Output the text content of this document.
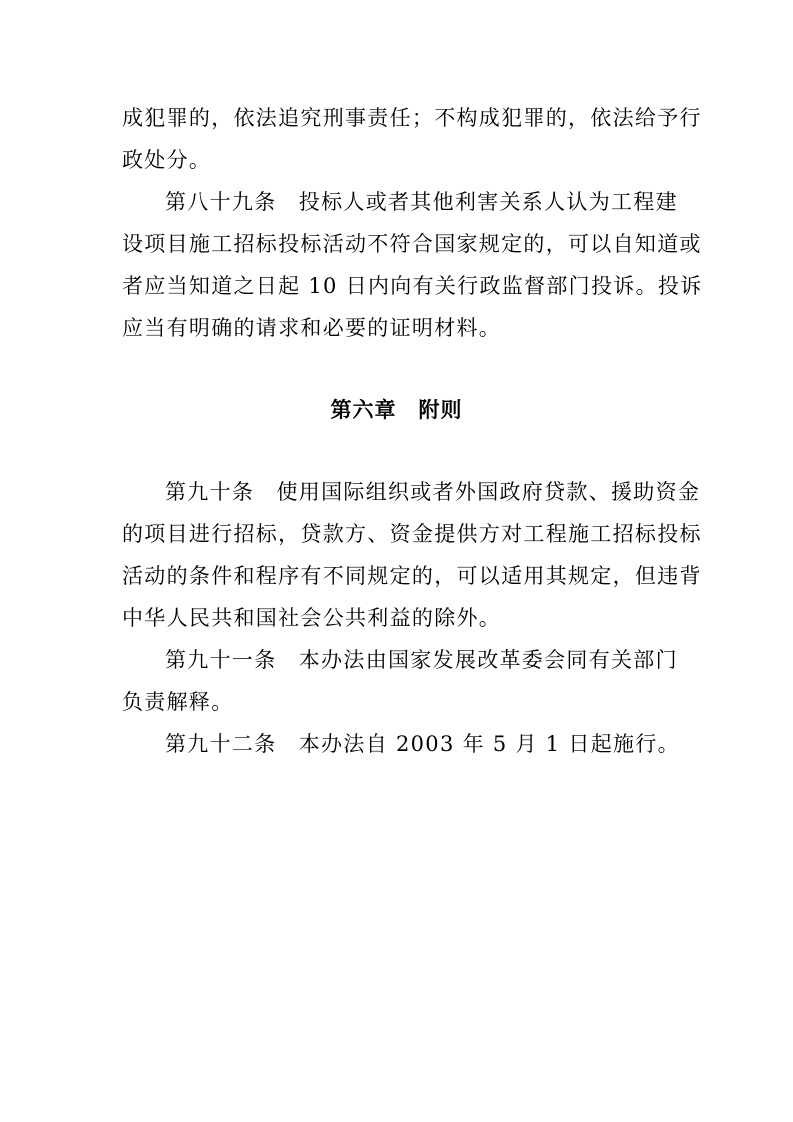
成犯罪的，依法追究刑事责任；不构成犯罪的，依法给予行
政处分。
第八十九条　投标人或者其他利害关系人认为工程建
设项目施工招标投标活动不符合国家规定的，可以自知道或
者应当知道之日起 10 日内向有关行政监督部门投诉。投诉
应当有明确的请求和必要的证明材料。
第六章　附则
第九十条　使用国际组织或者外国政府贷款、援助资金
的项目进行招标，贷款方、资金提供方对工程施工招标投标
活动的条件和程序有不同规定的，可以适用其规定，但违背
中华人民共和国社会公共利益的除外。
第九十一条　本办法由国家发展改革委会同有关部门
负责解释。
第九十二条　本办法自 2003 年 5 月 1 日起施行。
